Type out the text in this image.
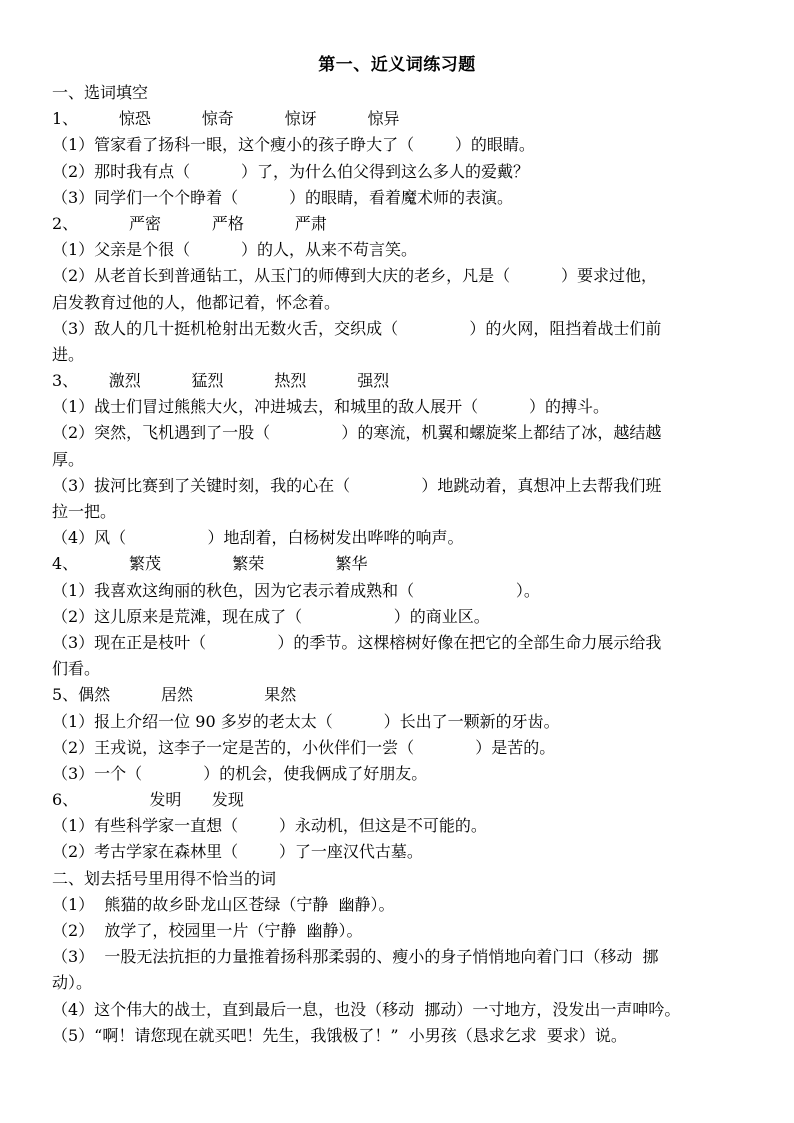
第一、近义词练习题
一、选词填空
1、        惊恐          惊奇          惊讶          惊异
（1）管家看了扬科一眼，这个瘦小的孩子睁大了（        ）的眼睛。
（2）那时我有点（          ）了，为什么伯父得到这么多人的爱戴？
（3）同学们一个个睁着（          ）的眼睛，看着魔术师的表演。
2、          严密          严格          严肃
（1）父亲是个很（          ）的人，从来不苟言笑。
（2）从老首长到普通钻工，从玉门的师傅到大庆的老乡，凡是（          ）要求过他，
启发教育过他的人，他都记着，怀念着。
（3）敌人的几十挺机枪射出无数火舌，交织成（              ）的火网，阻挡着战士们前
进。
3、      激烈          猛烈          热烈          强烈
（1）战士们冒过熊熊大火，冲进城去，和城里的敌人展开（          ）的搏斗。
（2）突然，飞机遇到了一股（              ）的寒流，机翼和螺旋桨上都结了冰，越结越
厚。
（3）拔河比赛到了关键时刻，我的心在（              ）地跳动着，真想冲上去帮我们班
拉一把。
（4）风（                ）地刮着，白杨树发出哗哗的响声。
4、          繁茂              繁荣              繁华
（1）我喜欢这绚丽的秋色，因为它表示着成熟和（                    ）。
（2）这儿原来是荒滩，现在成了（                  ）的商业区。
（3）现在正是枝叶（              ）的季节。这棵榕树好像在把它的全部生命力展示给我
们看。
5、偶然          居然              果然
（1）报上介绍一位 90 多岁的老太太（          ）长出了一颗新的牙齿。
（2）王戎说，这李子一定是苦的，小伙伴们一尝（            ）是苦的。
（3）一个（            ）的机会，使我俩成了好朋友。
6、              发明      发现
（1）有些科学家一直想（        ）永动机，但这是不可能的。
（2）考古学家在森林里（        ）了一座汉代古墓。
二、划去括号里用得不恰当的词
（1）  熊猫的故乡卧龙山区苍绿（宁静  幽静）。
（2）  放学了，校园里一片（宁静  幽静）。
（3）  一股无法抗拒的力量推着扬科那柔弱的、瘦小的身子悄悄地向着门口（移动  挪
动）。
（4）这个伟大的战士，直到最后一息，也没（移动  挪动）一寸地方，没发出一声呻吟。
（5）“啊！请您现在就买吧！先生，我饿极了！”  小男孩（恳求乞求  要求）说。
